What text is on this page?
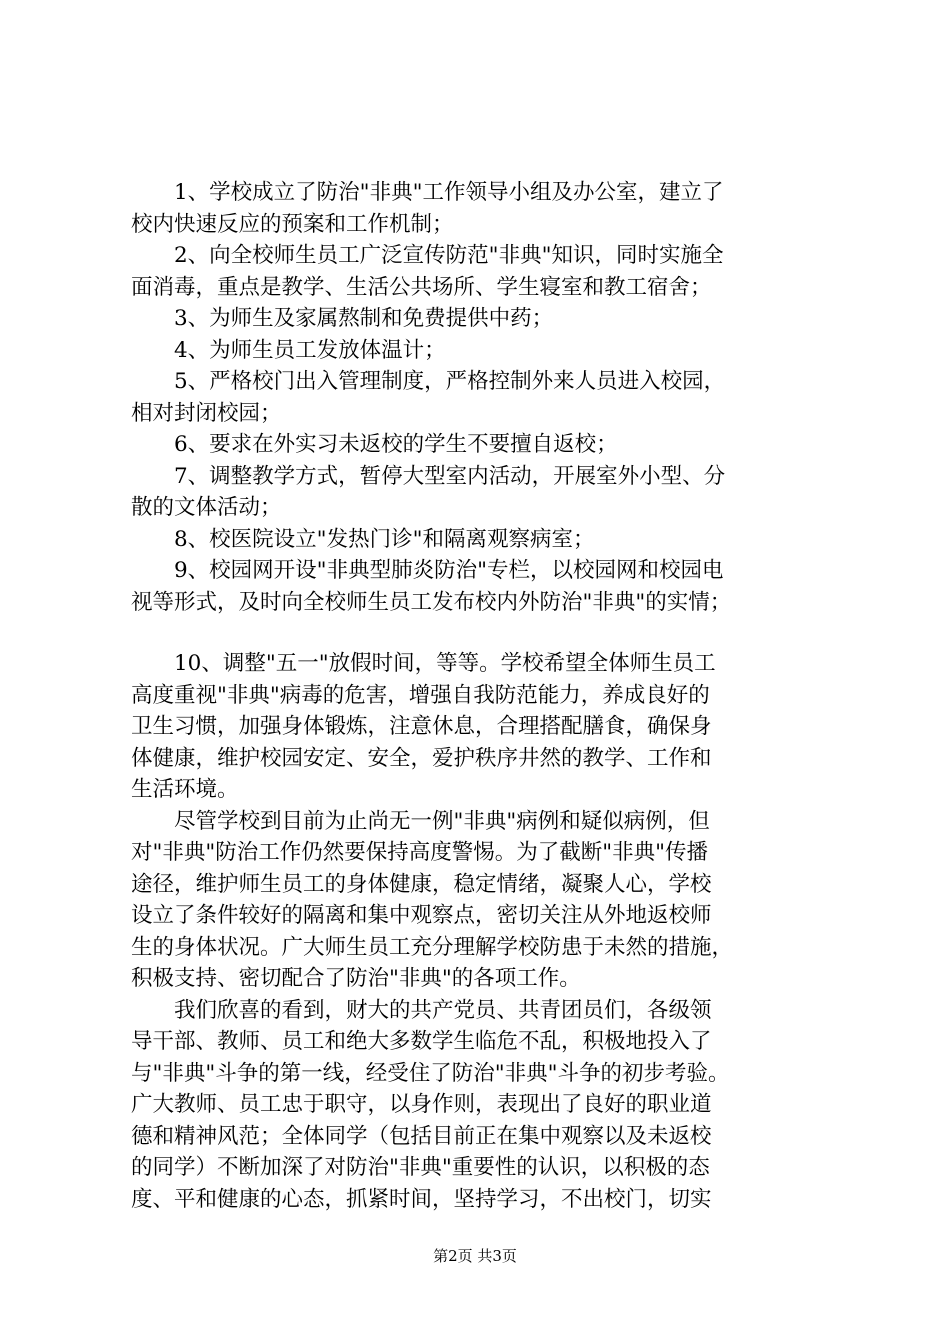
1、学校成立了防治"非典"工作领导小组及办公室，建立了
校内快速反应的预案和工作机制；
2、向全校师生员工广泛宣传防范"非典"知识，同时实施全
面消毒，重点是教学、生活公共场所、学生寝室和教工宿舍；
3、为师生及家属熬制和免费提供中药；
4、为师生员工发放体温计；
5、严格校门出入管理制度，严格控制外来人员进入校园，
相对封闭校园；
6、要求在外实习未返校的学生不要擅自返校；
7、调整教学方式，暂停大型室内活动，开展室外小型、分
散的文体活动；
8、校医院设立"发热门诊"和隔离观察病室；
9、校园网开设"非典型肺炎防治"专栏，以校园网和校园电
视等形式，及时向全校师生员工发布校内外防治"非典"的实情；
10、调整"五一"放假时间，等等。学校希望全体师生员工
高度重视"非典"病毒的危害，增强自我防范能力，养成良好的
卫生习惯，加强身体锻炼，注意休息，合理搭配膳食，确保身
体健康，维护校园安定、安全，爱护秩序井然的教学、工作和
生活环境。
尽管学校到目前为止尚无一例"非典"病例和疑似病例，但
对"非典"防治工作仍然要保持高度警惕。为了截断"非典"传播
途径，维护师生员工的身体健康，稳定情绪，凝聚人心，学校
设立了条件较好的隔离和集中观察点，密切关注从外地返校师
生的身体状况。广大师生员工充分理解学校防患于未然的措施，
积极支持、密切配合了防治"非典"的各项工作。
我们欣喜的看到，财大的共产党员、共青团员们，各级领
导干部、教师、员工和绝大多数学生临危不乱，积极地投入了
与"非典"斗争的第一线，经受住了防治"非典"斗争的初步考验。
广大教师、员工忠于职守，以身作则，表现出了良好的职业道
德和精神风范；全体同学（包括目前正在集中观察以及未返校
的同学）不断加深了对防治"非典"重要性的认识，以积极的态
度、平和健康的心态，抓紧时间，坚持学习，不出校门，切实
第2页 共3页
